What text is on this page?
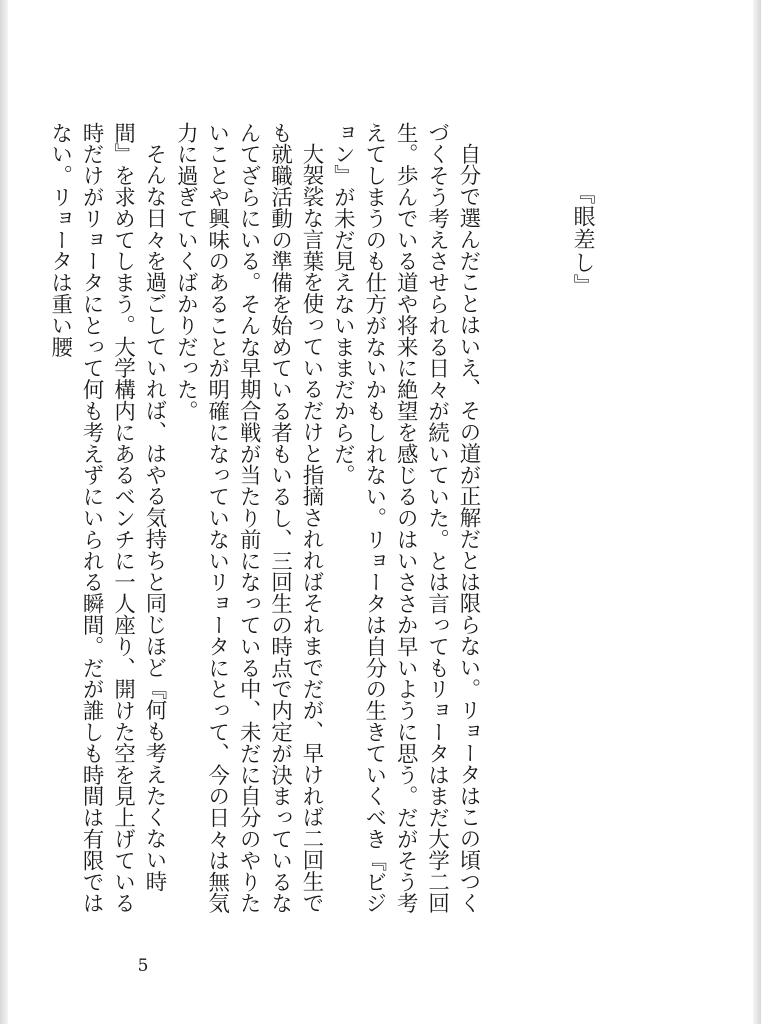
『眼差し』

自分で選んだことはいえ、その道が正解だとは限らない。リョータはこの頃つくづくそう考えさせられる日々が続いていた。とは言ってもリョータはまだ大学二回生。歩んでいる道や将来に絶望を感じるのはいささか早いように思う。だがそう考えてしまうのも仕方がないかもしれない。リョータは自分の生きていくべき『ビジョン』が未だ見えないままだからだ。

大袈裟な言葉を使っているだけと指摘されればそれまでだが、早ければ二回生でも就職活動の準備を始めている者もいるし、三回生の時点で内定が決まっているなんてざらにいる。そんな早期合戦が当たり前になっている中、未だに自分のやりたいことや興味のあることが明確になっていないリョータにとって、今の日々は無気力に過ぎていくばかりだった。

そんな日々を過ごしていれば、はやる気持ちと同じほど『何も考えたくない時間』を求めてしまう。大学構内にあるベンチに一人座り、開けた空を見上げている時だけがリョータにとって何も考えずにいられる瞬間。だが誰しも時間は有限ではない。リョータは重い腰

5
